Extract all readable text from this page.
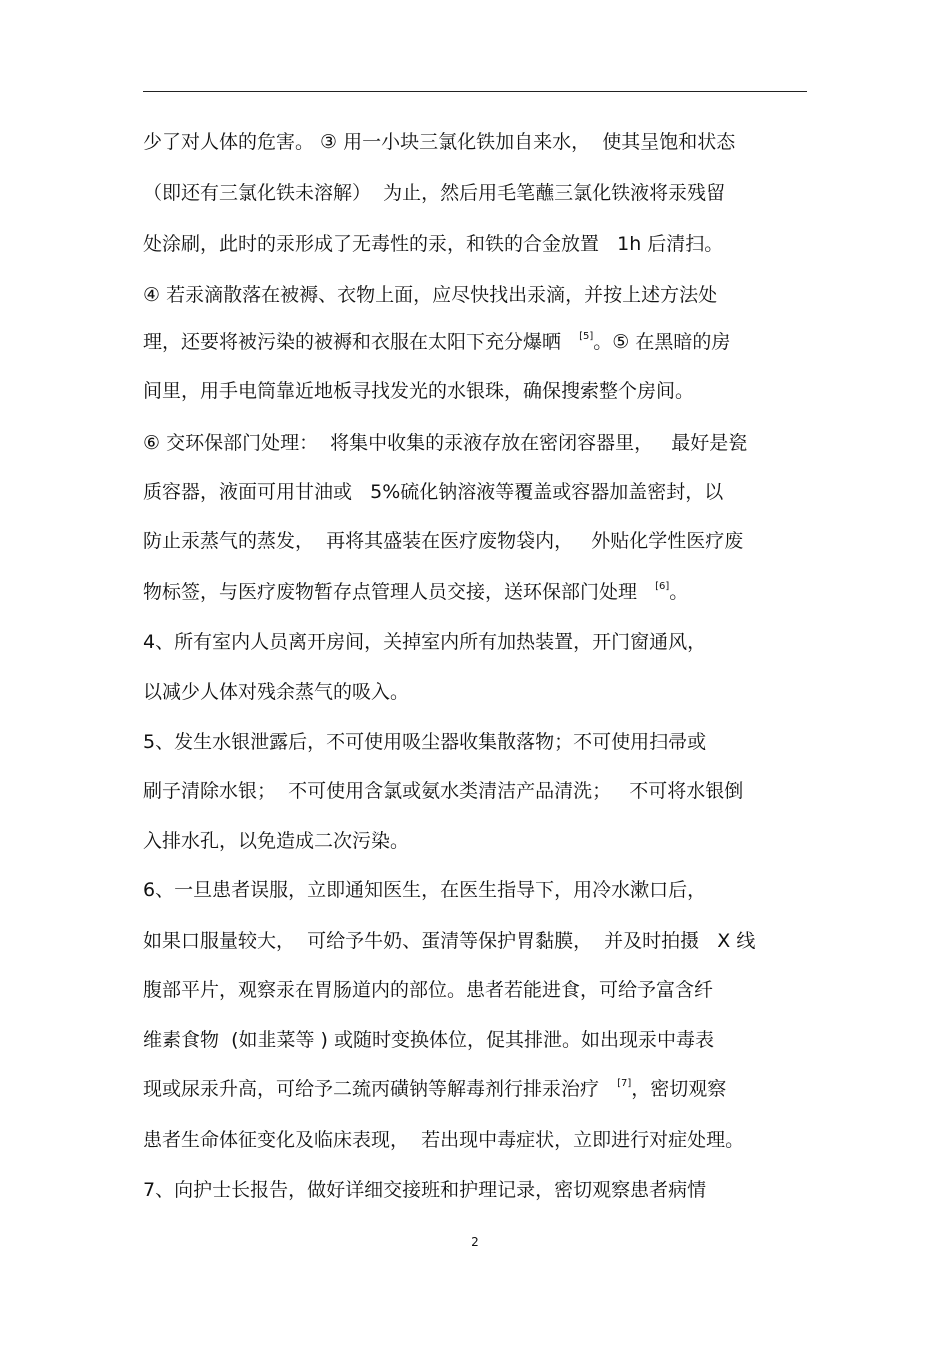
少了对人体的危害。 ③ 用一小块三氯化铁加自来水，  使其呈饱和状态
（即还有三氯化铁未溶解）  为止，然后用毛笔蘸三氯化铁液将汞残留
处涂刷，此时的汞形成了无毒性的汞，和铁的合金放置   1h 后清扫。
④ 若汞滴散落在被褥、衣物上面，应尽快找出汞滴，并按上述方法处
理，还要将被污染的被褥和衣服在太阳下充分爆晒   [5]。⑤ 在黑暗的房
间里，用手电筒靠近地板寻找发光的水银珠，确保搜索整个房间。
⑥ 交环保部门处理：  将集中收集的汞液存放在密闭容器里，   最好是瓷
质容器，液面可用甘油或   5%硫化钠溶液等覆盖或容器加盖密封，以
防止汞蒸气的蒸发，  再将其盛装在医疗废物袋内，   外贴化学性医疗废
物标签，与医疗废物暂存点管理人员交接，送环保部门处理   [6]。
4、所有室内人员离开房间，关掉室内所有加热装置，开门窗通风，
以减少人体对残余蒸气的吸入。
5、发生水银泄露后，不可使用吸尘器收集散落物；不可使用扫帚或
刷子清除水银；  不可使用含氯或氨水类清洁产品清洗；   不可将水银倒
入排水孔，以免造成二次污染。
6、一旦患者误服，立即通知医生，在医生指导下，用冷水漱口后，
如果口服量较大，  可给予牛奶、蛋清等保护胃黏膜，  并及时拍摄   X 线
腹部平片，观察汞在胃肠道内的部位。患者若能进食，可给予富含纤
维素食物  (如韭菜等 ) 或随时变换体位，促其排泄。如出现汞中毒表
现或尿汞升高，可给予二巯丙磺钠等解毒剂行排汞治疗   [7]，密切观察
患者生命体征变化及临床表现，  若出现中毒症状，立即进行对症处理。
7、向护士长报告，做好详细交接班和护理记录，密切观察患者病情
2
